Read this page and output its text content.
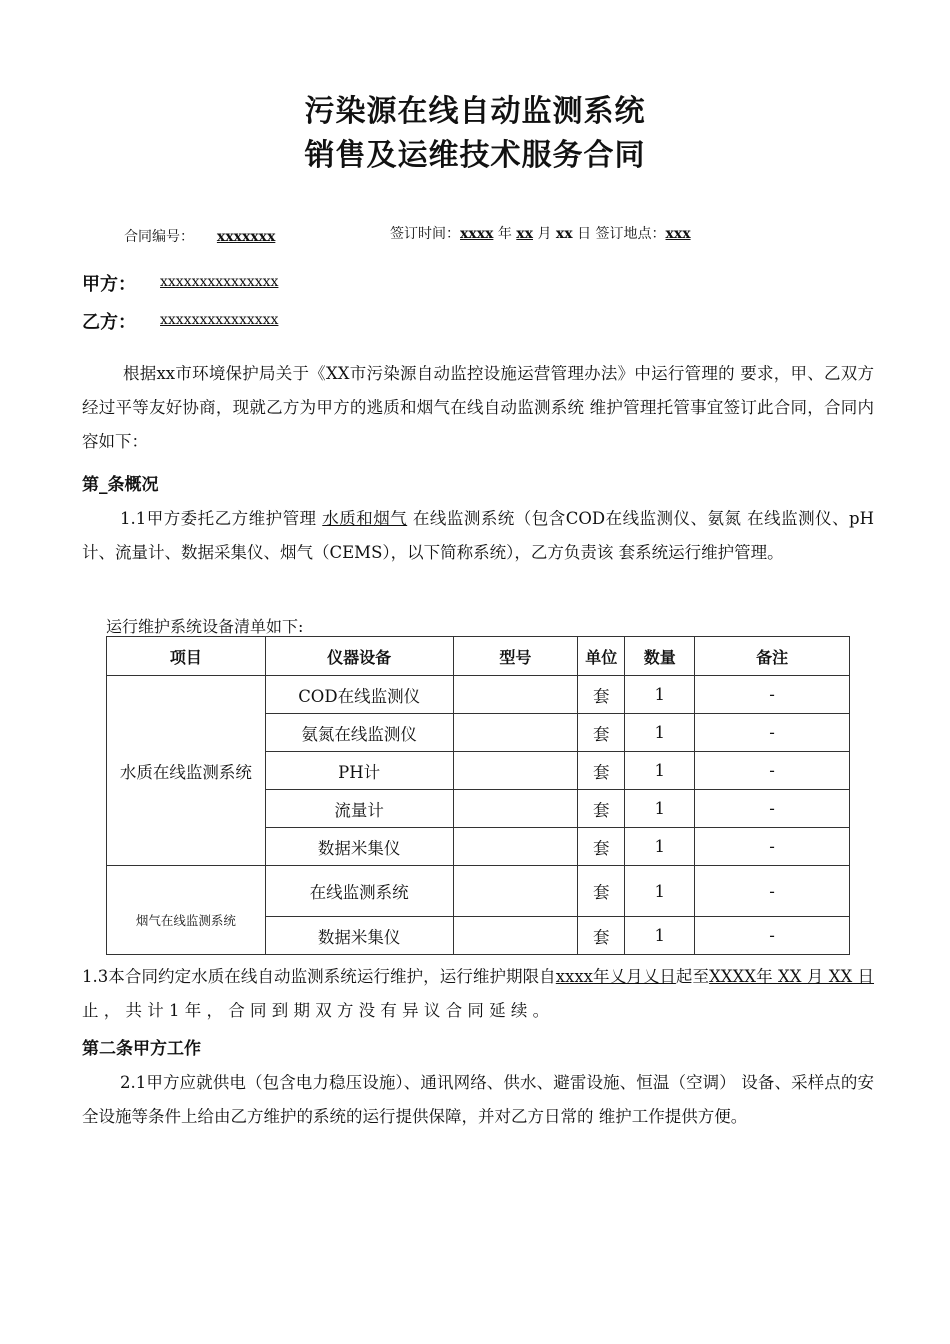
污染源在线自动监测系统
销售及运维技术服务合同
合同编号： xxxxxxx	签订时间：xxxx 年 xx 月 xx 日 签订地点：xxx
甲方： xxxxxxxxxxxxxxx
乙方： xxxxxxxxxxxxxxx
根据xx市环境保护局关于《XX市污染源自动监控设施运营管理办法》中运行管理的 要求，甲、乙双方经过平等友好协商，现就乙方为甲方的逃质和烟气在线自动监测系统 维护管理托管事宜签订此合同，合同内容如下：
第_条概况
1.1甲方委托乙方维护管理 水质和烟气 在线监测系统（包含COD在线监测仪、氨氮 在线监测仪、pH计、流量计、数据采集仪、烟气（CEMS），以下简称系统），乙方负责该 套系统运行维护管理。
运行维护系统设备清单如下:
项目	仪器设备	型号	单位	数量	备注
水质在线监测系统	COD在线监测仪		套	1	-
	氨氮在线监测仪		套	1	-
	PH计		套	1	-
	流量计		套	1	-
	数据米集仪		套	1	-
烟气在线监测系统	在线监测系统		套	1	-
	数据米集仪		套	1	-
1.3本合同约定水质在线自动监测系统运行维护，运行维护期限自xxxx年乂月乂日起至XXXX年 XX 月 XX 日止 ， 共 计 1 年 ， 合 同 到 期 双 方 没 有 异 议 合 同 延 续 。
第二条甲方工作
2.1甲方应就供电（包含电力稳压设施）、通讯网络、供水、避雷设施、恒温（空调） 设备、采样点的安全设施等条件上给由乙方维护的系统的运行提供保障，并对乙方日常的 维护工作提供方便。
